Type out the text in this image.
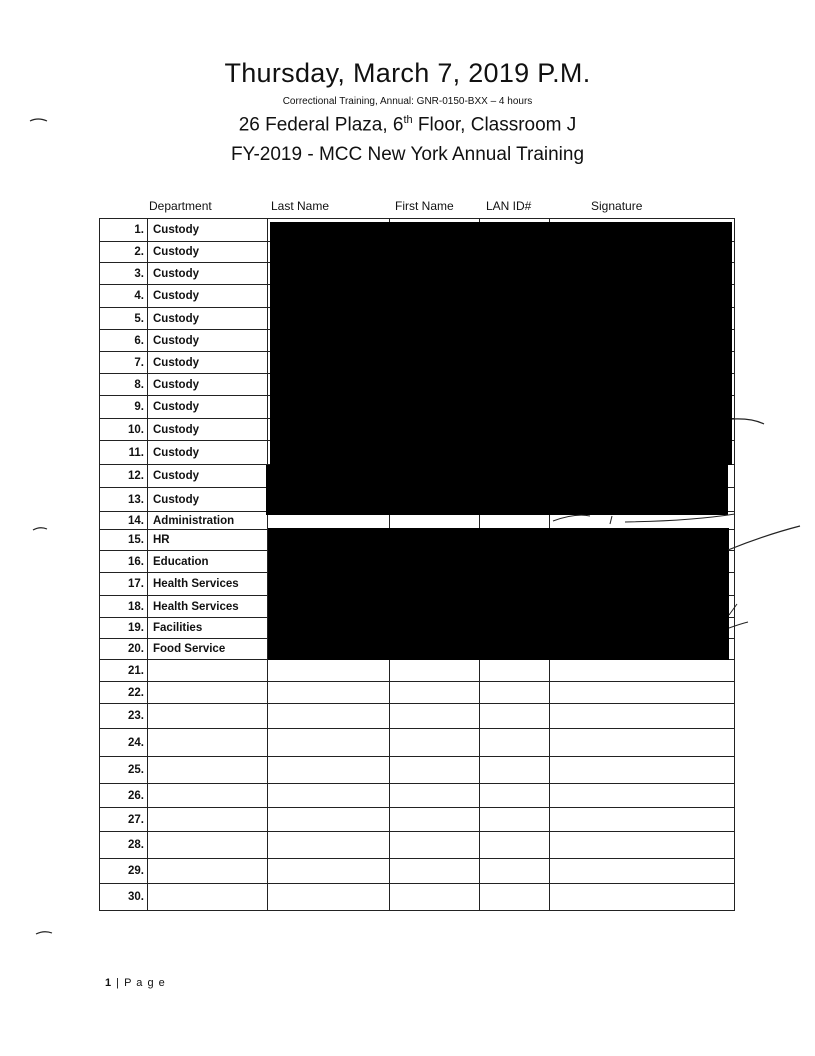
Thursday, March 7, 2019 P.M.
Correctional Training, Annual: GNR-0150-BXX – 4 hours
26 Federal Plaza, 6th Floor, Classroom J
FY-2019 - MCC New York Annual Training
Department	Last Name	First Name	LAN ID#	Signature
1. Custody
2. Custody
3. Custody
4. Custody
5. Custody
6. Custody
7. Custody
8. Custody
9. Custody
10. Custody
11. Custody
12. Custody
13. Custody
14. Administration
15. HR
16. Education
17. Health Services
18. Health Services
19. Facilities
20. Food Service
21.
22.
23.
24.
25.
26.
27.
28.
29.
30.
1 | P a g e
